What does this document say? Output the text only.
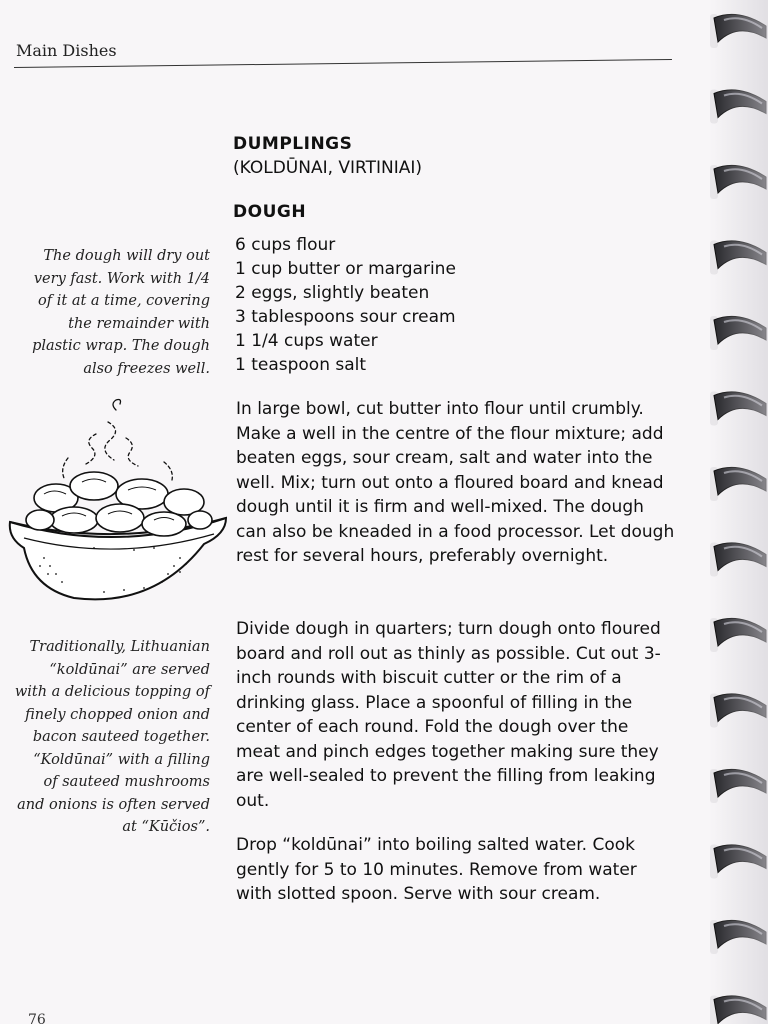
Main Dishes
DUMPLINGS
(KOLDŪNAI, VIRTINIAI)
DOUGH
6 cups flour
1 cup butter or margarine
2 eggs, slightly beaten
3 tablespoons sour cream
1 1/4 cups water
1 teaspoon salt

In large bowl, cut butter into flour until crumbly. Make a well in the centre of the flour mixture; add beaten eggs, sour cream, salt and water into the well. Mix; turn out onto a floured board and knead dough until it is firm and well-mixed. The dough can also be kneaded in a food processor. Let dough rest for several hours, preferably overnight.

Divide dough in quarters; turn dough onto floured board and roll out as thinly as possible. Cut out 3-inch rounds with biscuit cutter or the rim of a drinking glass. Place a spoonful of filling in the center of each round. Fold the dough over the meat and pinch edges together making sure they are well-sealed to prevent the filling from leaking out.

Drop “koldūnai” into boiling salted water. Cook gently for 5 to 10 minutes. Remove from water with slotted spoon. Serve with sour cream.

The dough will dry out
very fast. Work with 1/4
of it at a time, covering
the remainder with
plastic wrap. The dough
also freezes well.
Traditionally, Lithuanian
“koldūnai” are served
with a delicious topping of
finely chopped onion and
bacon sauteed together.
“Koldūnai” with a filling
of sauteed mushrooms
and onions is often served
at “Kūčios”.
76
